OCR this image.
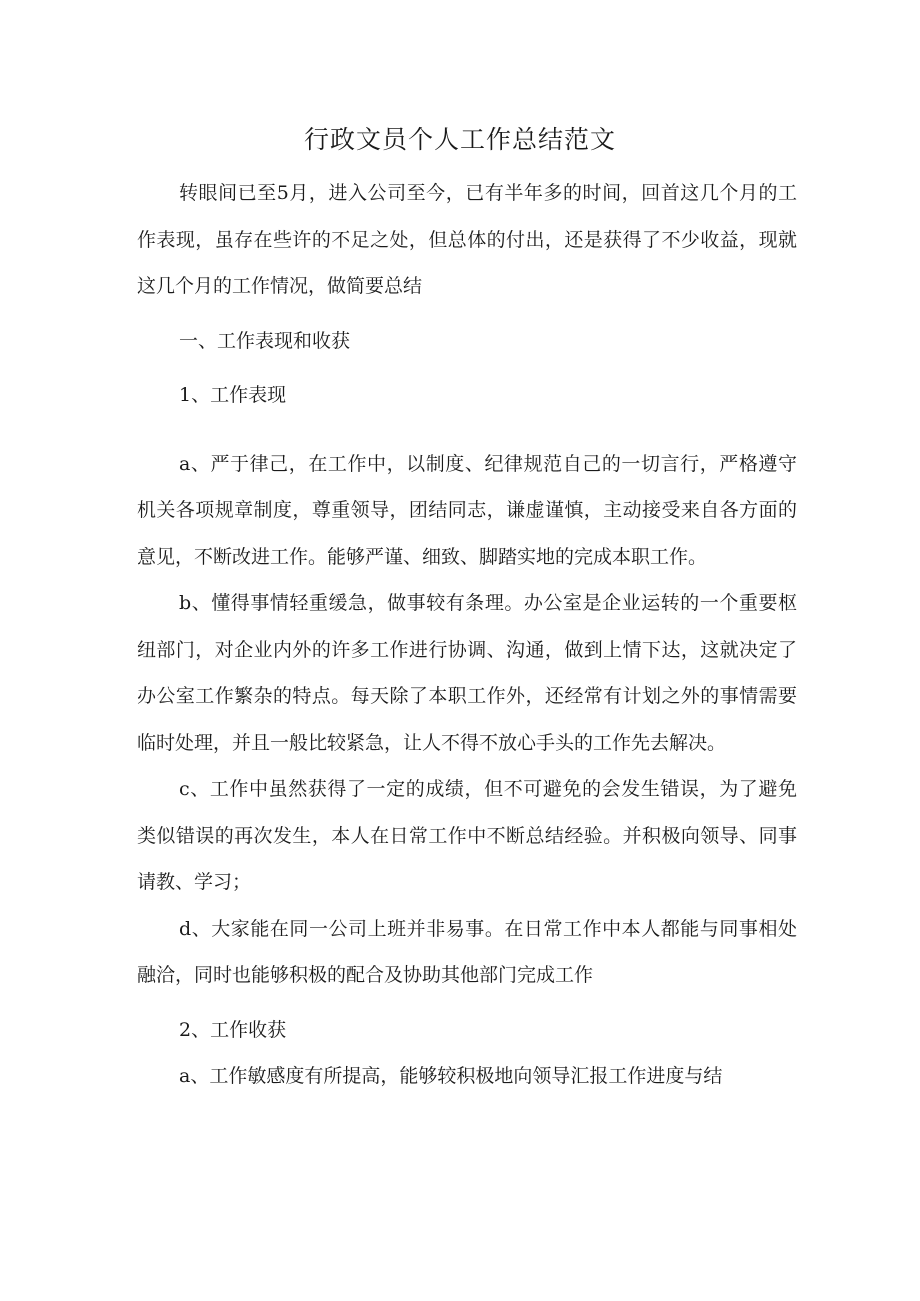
行政文员个人工作总结范文

转眼间已至5月，进入公司至今，已有半年多的时间，回首这几个月的工作表现，虽存在些许的不足之处，但总体的付出，还是获得了不少收益，现就这几个月的工作情况，做简要总结

一、工作表现和收获

1、工作表现

a、严于律己，在工作中，以制度、纪律规范自己的一切言行，严格遵守机关各项规章制度，尊重领导，团结同志，谦虚谨慎，主动接受来自各方面的意见，不断改进工作。能够严谨、细致、脚踏实地的完成本职工作。

b、懂得事情轻重缓急，做事较有条理。办公室是企业运转的一个重要枢纽部门，对企业内外的许多工作进行协调、沟通，做到上情下达，这就决定了办公室工作繁杂的特点。每天除了本职工作外，还经常有计划之外的事情需要临时处理，并且一般比较紧急，让人不得不放心手头的工作先去解决。

c、工作中虽然获得了一定的成绩，但不可避免的会发生错误，为了避免类似错误的再次发生，本人在日常工作中不断总结经验。并积极向领导、同事请教、学习；

d、大家能在同一公司上班并非易事。在日常工作中本人都能与同事相处融洽，同时也能够积极的配合及协助其他部门完成工作

2、工作收获

a、工作敏感度有所提高，能够较积极地向领导汇报工作进度与结
